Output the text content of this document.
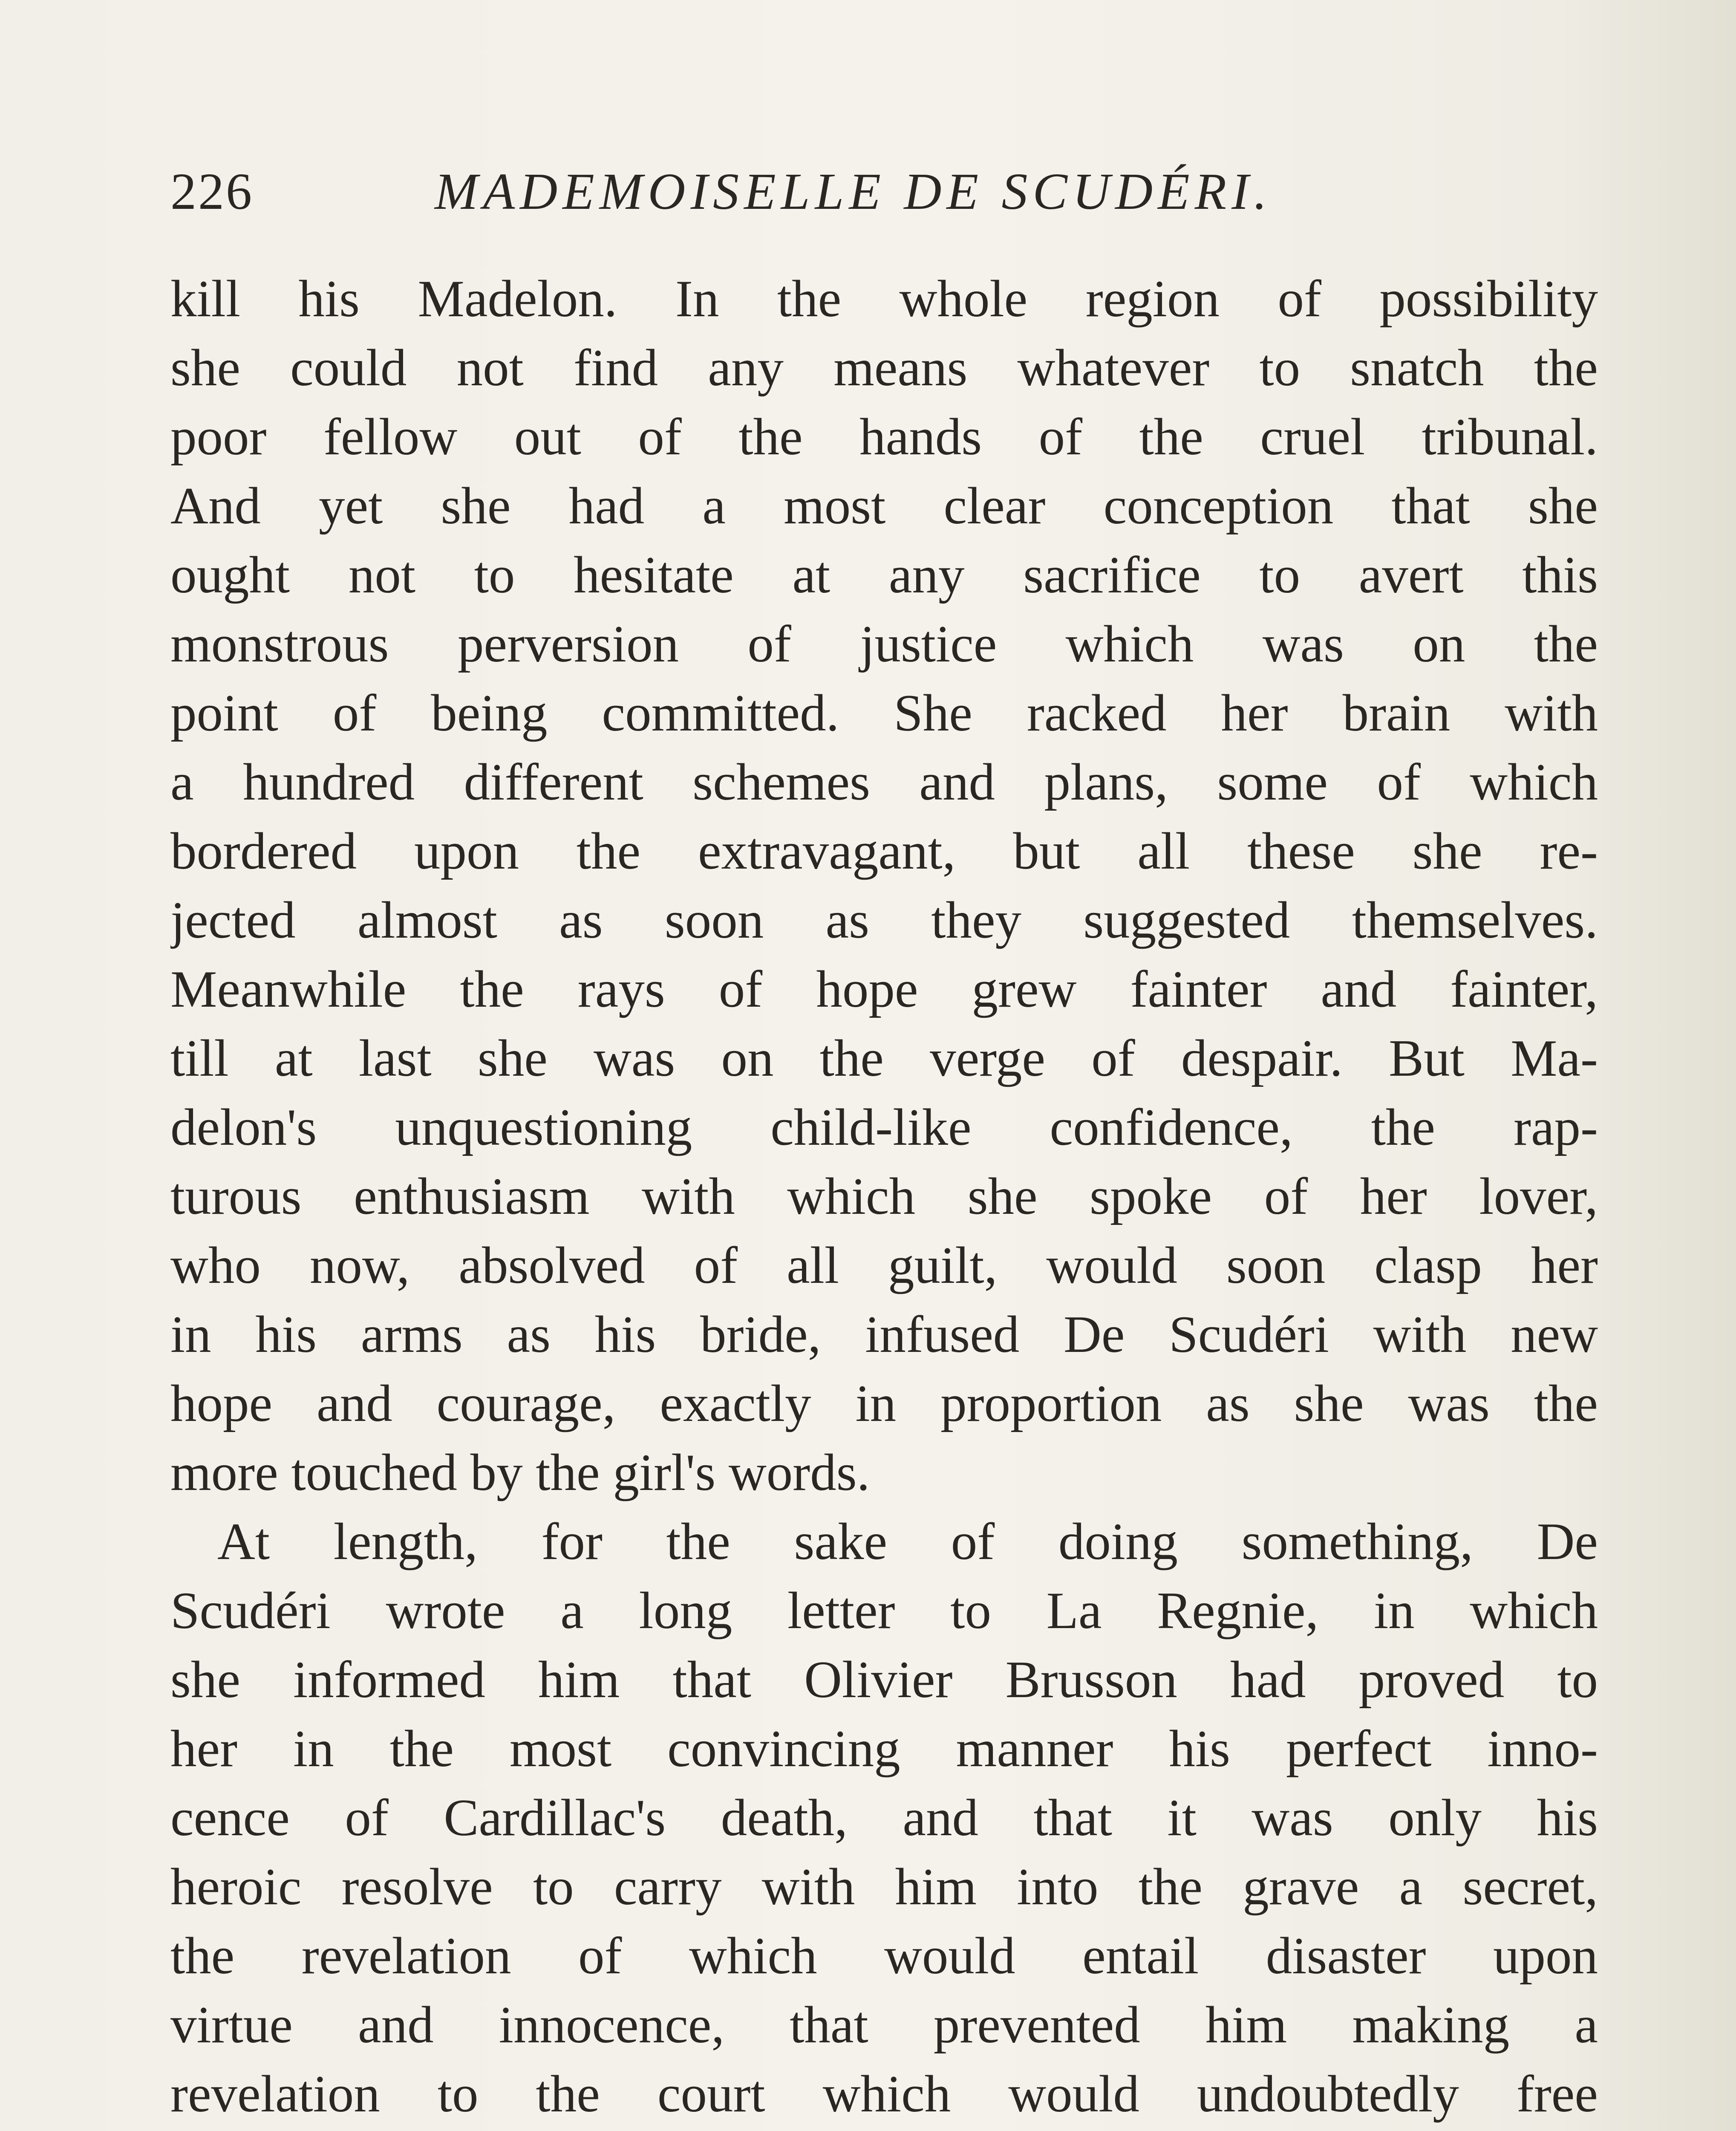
226	MADEMOISELLE DE SCUDÉRI.
kill his Madelon. In the whole region of possibility
she could not find any means whatever to snatch the
poor fellow out of the hands of the cruel tribunal.
And yet she had a most clear conception that she
ought not to hesitate at any sacrifice to avert this
monstrous perversion of justice which was on the
point of being committed. She racked her brain with
a hundred different schemes and plans, some of which
bordered upon the extravagant, but all these she re-
jected almost as soon as they suggested themselves.
Meanwhile the rays of hope grew fainter and fainter,
till at last she was on the verge of despair. But Ma-
delon's unquestioning child-like confidence, the rap-
turous enthusiasm with which she spoke of her lover,
who now, absolved of all guilt, would soon clasp her
in his arms as his bride, infused De Scudéri with new
hope and courage, exactly in proportion as she was the
more touched by the girl's words.
At length, for the sake of doing something, De
Scudéri wrote a long letter to La Regnie, in which
she informed him that Olivier Brusson had proved to
her in the most convincing manner his perfect inno-
cence of Cardillac's death, and that it was only his
heroic resolve to carry with him into the grave a secret,
the revelation of which would entail disaster upon
virtue and innocence, that prevented him making a
revelation to the court which would undoubtedly free
